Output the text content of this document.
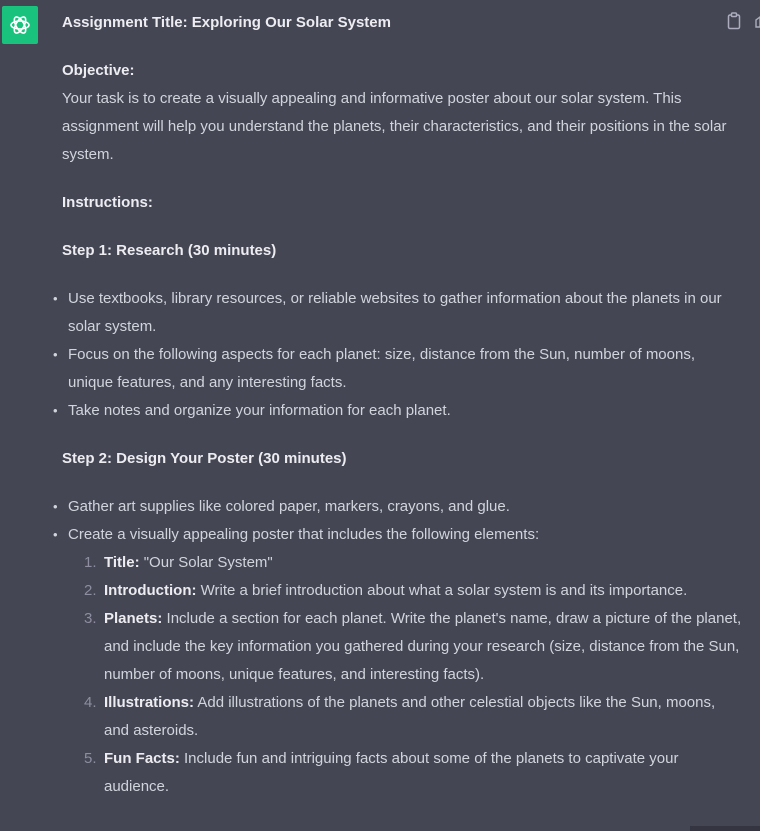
Assignment Title: Exploring Our Solar System

Objective:
Your task is to create a visually appealing and informative poster about our solar system. This assignment will help you understand the planets, their characteristics, and their positions in the solar system.

Instructions:

Step 1: Research (30 minutes)

• Use textbooks, library resources, or reliable websites to gather information about the planets in our solar system.
• Focus on the following aspects for each planet: size, distance from the Sun, number of moons, unique features, and any interesting facts.
• Take notes and organize your information for each planet.

Step 2: Design Your Poster (30 minutes)

• Gather art supplies like colored paper, markers, crayons, and glue.
• Create a visually appealing poster that includes the following elements:
1. Title: "Our Solar System"
2. Introduction: Write a brief introduction about what a solar system is and its importance.
3. Planets: Include a section for each planet. Write the planet's name, draw a picture of the planet, and include the key information you gathered during your research (size, distance from the Sun, number of moons, unique features, and interesting facts).
4. Illustrations: Add illustrations of the planets and other celestial objects like the Sun, moons, and asteroids.
5. Fun Facts: Include fun and intriguing facts about some of the planets to captivate your audience.
